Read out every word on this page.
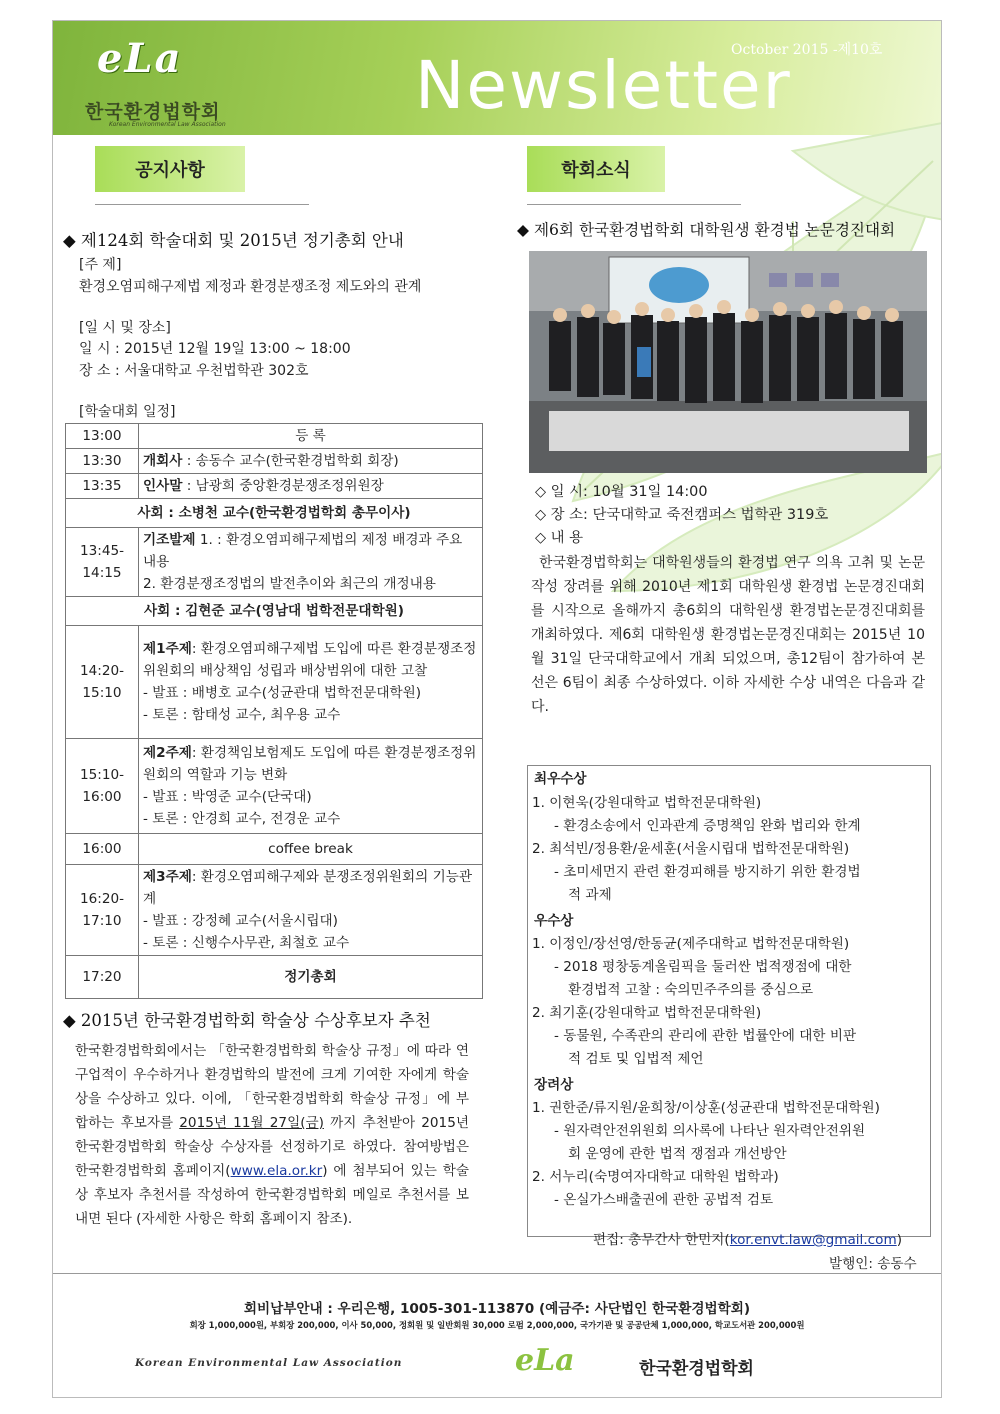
eLa
한국환경법학회
Korean Environmental Law Association
October 2015 -제10호
Newsletter
공지사항
◆ 제124회 학술대회 및 2015년 정기총회 안내
[주 제]
환경오염피해구제법 제정과 환경분쟁조정 제도와의 관계
[일 시 및 장소]
일 시 : 2015년 12월 19일 13:00 ~ 18:00
장 소 : 서울대학교 우천법학관 302호
[학술대회 일정]
13:00	등 록
13:30	개회사 : 송동수 교수(한국환경법학회 회장)
13:35	인사말 : 남광희 중앙환경분쟁조정위원장
사회 : 소병천 교수(한국환경법학회 총무이사)	
13:45-14:15	기조발제 1. : 환경오염피해구제법의 제정 배경과 주요 내용
2. 환경분쟁조정법의 발전추이와 최근의 개정내용
사회 : 김현준 교수(영남대 법학전문대학원)	
14:20-15:10	제1주제: 환경오염피해구제법 도입에 따른 환경분쟁조정위원회의 배상책임 성립과 배상범위에 대한 고찰
- 발표 : 배병호 교수(성균관대 법학전문대학원)
- 토론 : 함태성 교수, 최우용 교수
15:10-16:00	제2주제: 환경책임보험제도 도입에 따른 환경분쟁조정위원회의 역할과 기능 변화
- 발표 : 박영준 교수(단국대)
- 토론 : 안경희 교수, 전경운 교수
16:00	coffee break
16:20-17:10	제3주제: 환경오염피해구제와 분쟁조정위원회의 기능관계
- 발표 : 강정혜 교수(서울시립대)
- 토론 : 신행수사무관, 최철호 교수
17:20	정기총회
◆ 2015년 한국환경법학회 학술상 수상후보자 추천
한국환경법학회에서는 「한국환경법학회 학술상 규정」에 따라 연구업적이 우수하거나 환경법학의 발전에 크게 기여한 자에게 학술상을 수상하고 있다. 이에, 「한국환경법학회 학술상 규정」에 부합하는 후보자를 2015년 11월 27일(금) 까지 추천받아 2015년 한국환경법학회 학술상 수상자를 선정하기로 하였다. 참여방법은 한국환경법학회 홈페이지(www.ela.or.kr) 에 첨부되어 있는 학술상 후보자 추천서를 작성하여 한국환경법학회 메일로 추천서를 보내면 된다 (자세한 사항은 학회 홈페이지 참조).
학회소식
◆ 제6회 한국환경법학회 대학원생 환경법 논문경진대회
◇ 일 시: 10월 31일 14:00
◇ 장 소: 단국대학교 죽전캠퍼스 법학관 319호
◇ 내 용
한국환경법학회는 대학원생들의 환경법 연구 의욕 고취 및 논문작성 장려를 위해 2010년 제1회 대학원생 환경법 논문경진대회를 시작으로 올해까지 총6회의 대학원생 환경법논문경진대회를 개최하였다. 제6회 대학원생 환경법논문경진대회는 2015년 10월 31일 단국대학교에서 개최 되었으며, 총12팀이 참가하여 본선은 6팀이 최종 수상하였다. 이하 자세한 수상 내역은 다음과 같다.
최우수상
1. 이현욱(강원대학교 법학전문대학원)
- 환경소송에서 인과관계 증명책임 완화 법리와 한계
2. 최석빈/정용환/윤세훈(서울시립대 법학전문대학원)
- 초미세먼지 관련 환경피해를 방지하기 위한 환경법
적 과제
우수상
1. 이정인/장선영/한동균(제주대학교 법학전문대학원)
- 2018 평창동계올림픽을 둘러싼 법적쟁점에 대한
환경법적 고찰 : 숙의민주주의를 중심으로
2. 최기훈(강원대학교 법학전문대학원)
- 동물원, 수족관의 관리에 관한 법률안에 대한 비판
적 검토 및 입법적 제언
장려상
1. 권한준/류지원/윤희창/이상훈(성균관대 법학전문대학원)
- 원자력안전위원회 의사록에 나타난 원자력안전위원
회 운영에 관한 법적 쟁점과 개선방안
2. 서누리(숙명여자대학교 대학원 법학과)
- 온실가스배출권에 관한 공법적 검토
편집: 총무간사 한민지(kor.envt.law@gmail.com)
발행인: 송동수
회비납부안내 : 우리은행, 1005-301-113870 (예금주: 사단법인 한국환경법학회)
회장 1,000,000원, 부회장 200,000, 이사 50,000, 정회원 및 일반회원 30,000 로펌 2,000,000, 국가기관 및 공공단체 1,000,000, 학교도서관 200,000원
Korean Environmental Law Association	eLa	한국환경법학회
